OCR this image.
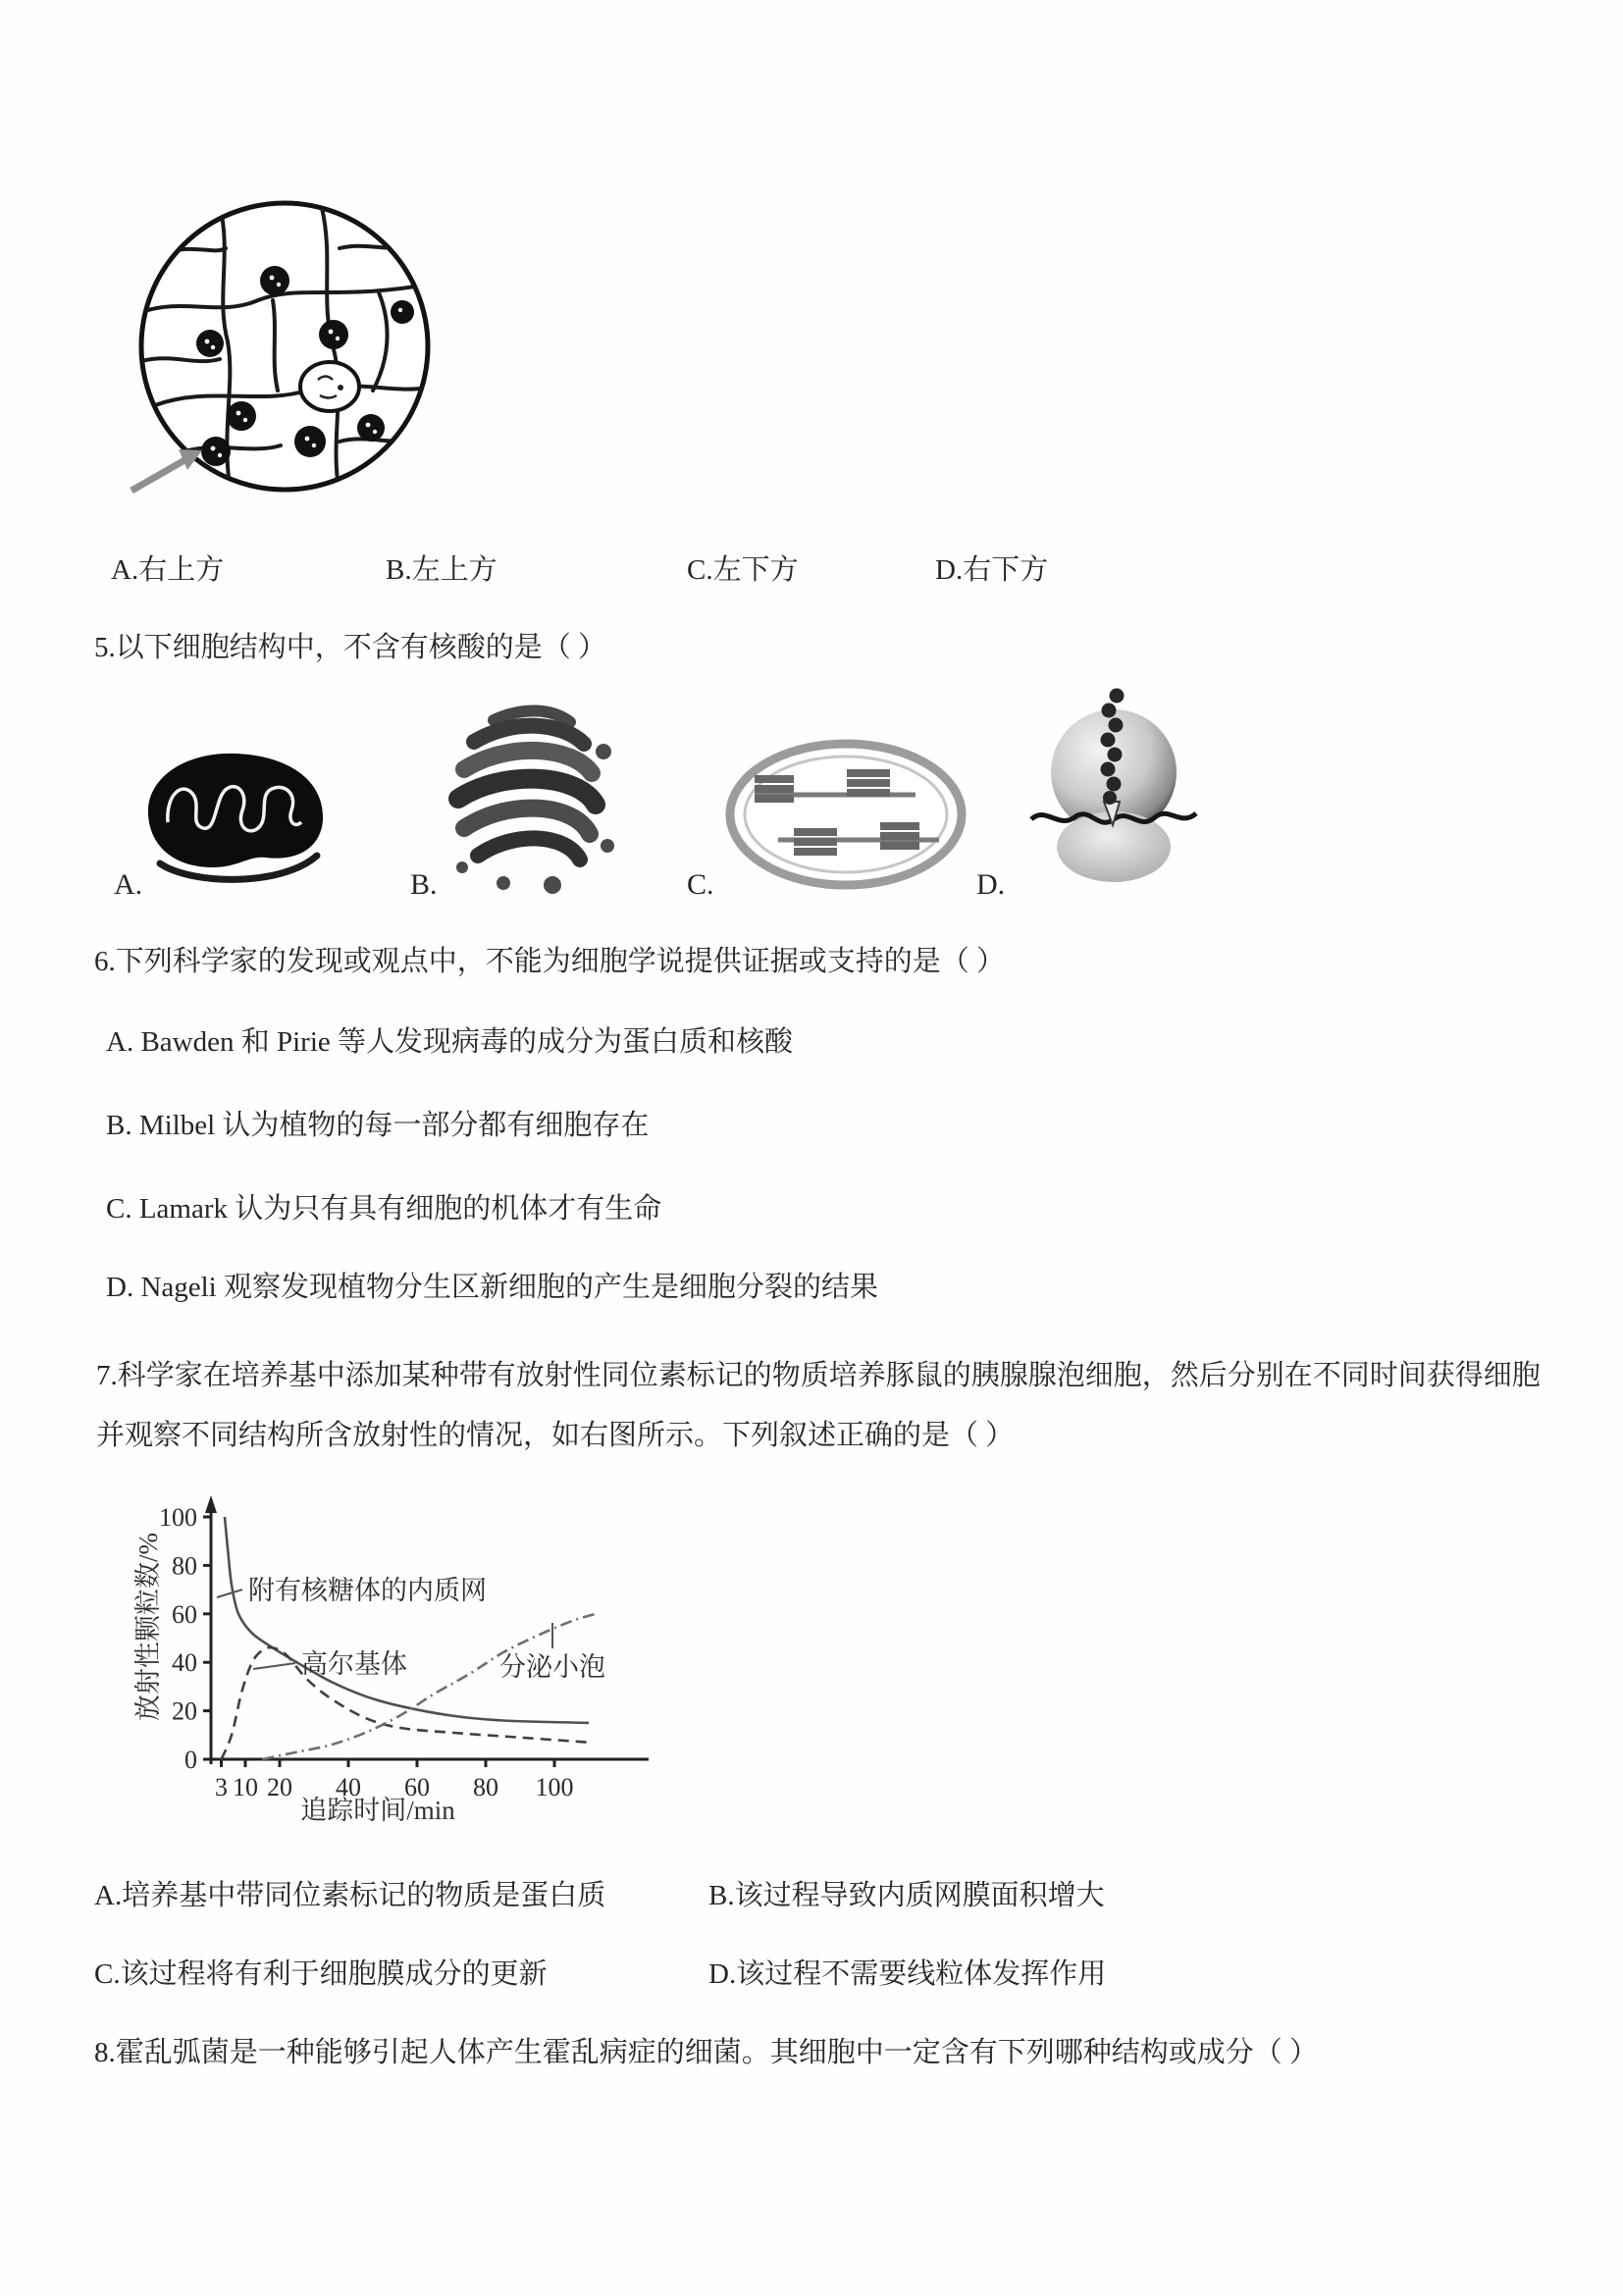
A.右上方	B.左上方	C.左下方	D.右下方
5.以下细胞结构中，不含有核酸的是（ ）
A.	B.	C.	D.
6.下列科学家的发现或观点中，不能为细胞学说提供证据或支持的是（ ）
A. Bawden 和 Pirie 等人发现病毒的成分为蛋白质和核酸
B. Milbel 认为植物的每一部分都有细胞存在
C. Lamark 认为只有具有细胞的机体才有生命
D. Nageli 观察发现植物分生区新细胞的产生是细胞分裂的结果
7.科学家在培养基中添加某种带有放射性同位素标记的物质培养豚鼠的胰腺腺泡细胞，然后分别在不同时间获得细胞并观察不同结构所含放射性的情况，如右图所示。下列叙述正确的是（ ）
0
20
40
60
80
100
3 10 20 40 60 80 100
附有核糖体的内质网
高尔基体	分泌小泡
放射性颗粒数/%
追踪时间/min
A.培养基中带同位素标记的物质是蛋白质	B.该过程导致内质网膜面积增大
C.该过程将有利于细胞膜成分的更新	D.该过程不需要线粒体发挥作用
8.霍乱弧菌是一种能够引起人体产生霍乱病症的细菌。其细胞中一定含有下列哪种结构或成分（ ）
